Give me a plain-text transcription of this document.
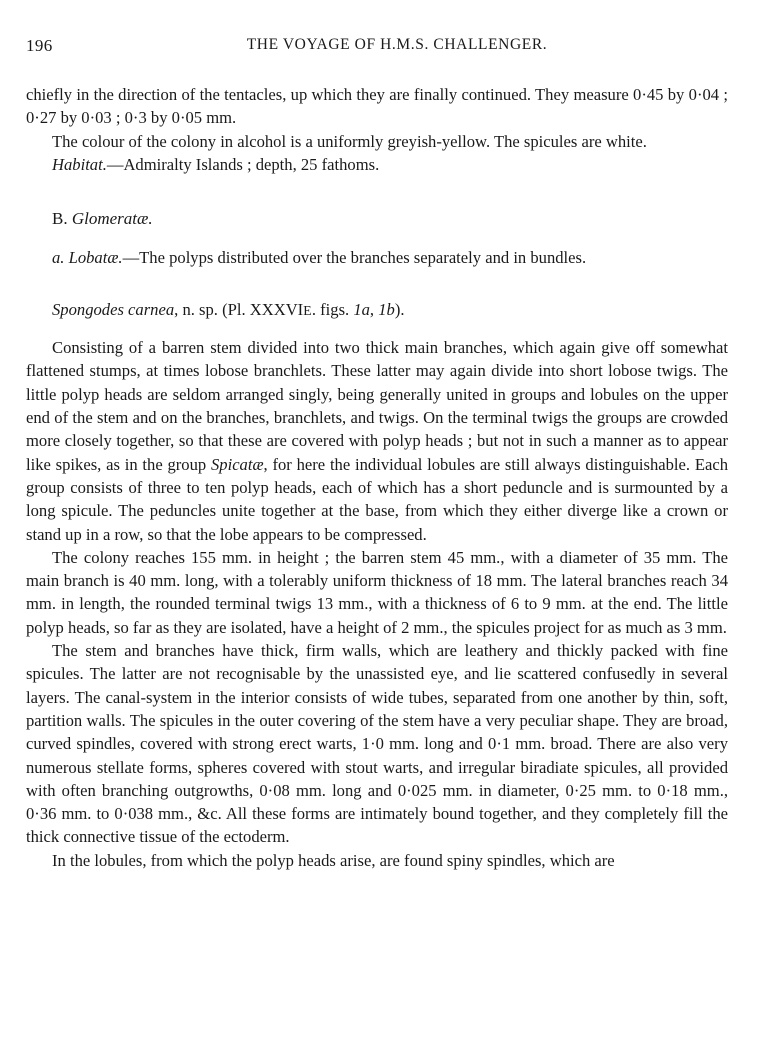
196	THE VOYAGE OF H.M.S. CHALLENGER.

chiefly in the direction of the tentacles, up which they are finally continued. They measure 0·45 by 0·04 ; 0·27 by 0·03 ; 0·3 by 0·05 mm.

The colour of the colony in alcohol is a uniformly greyish-yellow. The spicules are white.

Habitat.—Admiralty Islands ; depth, 25 fathoms.

B. Glomeratæ.
a. Lobatæ.—The polyps distributed over the branches separately and in bundles.
Spongodes carnea, n. sp. (Pl. XXXVIE. figs. 1a, 1b).

Consisting of a barren stem divided into two thick main branches, which again give off somewhat flattened stumps, at times lobose branchlets. These latter may again divide into short lobose twigs. The little polyp heads are seldom arranged singly, being generally united in groups and lobules on the upper end of the stem and on the branches, branchlets, and twigs. On the terminal twigs the groups are crowded more closely together, so that these are covered with polyp heads ; but not in such a manner as to appear like spikes, as in the group Spicatæ, for here the individual lobules are still always distinguishable. Each group consists of three to ten polyp heads, each of which has a short peduncle and is surmounted by a long spicule. The peduncles unite together at the base, from which they either diverge like a crown or stand up in a row, so that the lobe appears to be compressed.

The colony reaches 155 mm. in height ; the barren stem 45 mm., with a diameter of 35 mm. The main branch is 40 mm. long, with a tolerably uniform thickness of 18 mm. The lateral branches reach 34 mm. in length, the rounded terminal twigs 13 mm., with a thickness of 6 to 9 mm. at the end. The little polyp heads, so far as they are isolated, have a height of 2 mm., the spicules project for as much as 3 mm.

The stem and branches have thick, firm walls, which are leathery and thickly packed with fine spicules. The latter are not recognisable by the unassisted eye, and lie scattered confusedly in several layers. The canal-system in the interior consists of wide tubes, separated from one another by thin, soft, partition walls. The spicules in the outer covering of the stem have a very peculiar shape. They are broad, curved spindles, covered with strong erect warts, 1·0 mm. long and 0·1 mm. broad. There are also very numerous stellate forms, spheres covered with stout warts, and irregular biradiate spicules, all provided with often branching outgrowths, 0·08 mm. long and 0·025 mm. in diameter, 0·25 mm. to 0·18 mm., 0·36 mm. to 0·038 mm., &c. All these forms are intimately bound together, and they completely fill the thick connective tissue of the ectoderm.

In the lobules, from which the polyp heads arise, are found spiny spindles, which are
